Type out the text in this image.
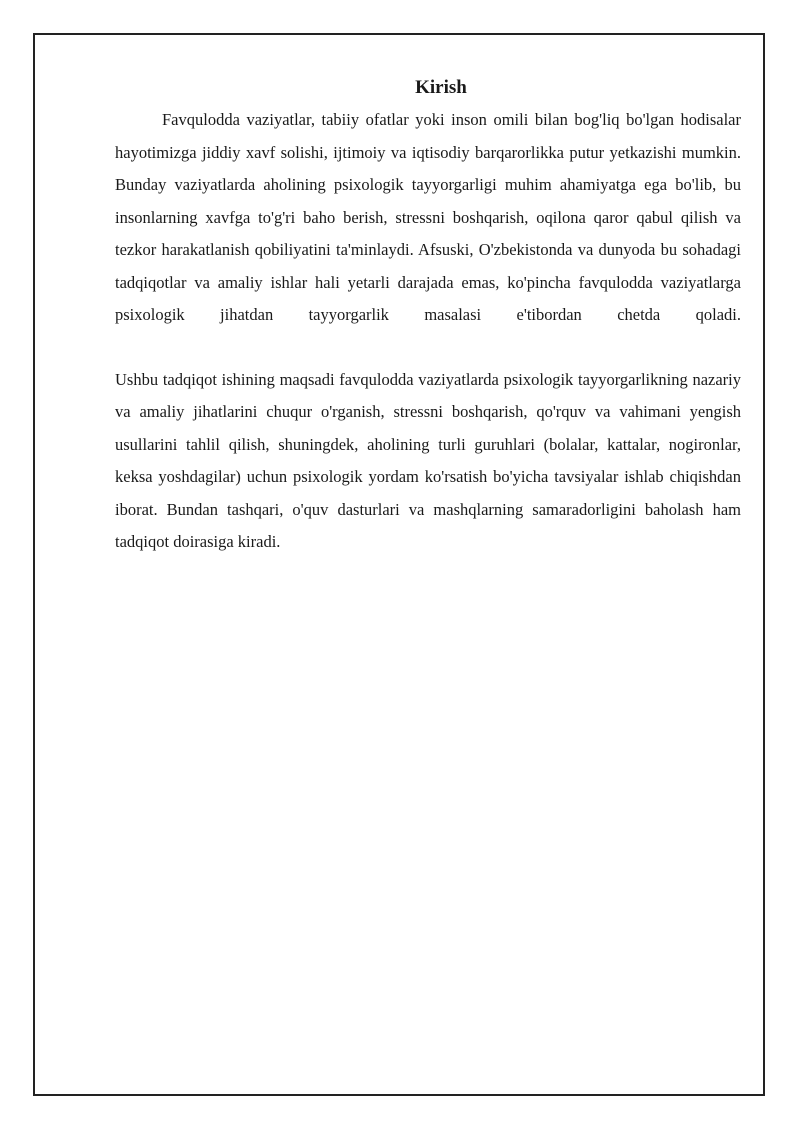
Kirish

Favqulodda vaziyatlar, tabiiy ofatlar yoki inson omili bilan bog'liq bo'lgan hodisalar hayotimizga jiddiy xavf solishi, ijtimoiy va iqtisodiy barqarorlikka putur yetkazishi mumkin. Bunday vaziyatlarda aholining psixologik tayyorgarligi muhim ahamiyatga ega bo'lib, bu insonlarning xavfga to'g'ri baho berish, stressni boshqarish, oqilona qaror qabul qilish va tezkor harakatlanish qobiliyatini ta'minlaydi. Afsuski, O'zbekistonda va dunyoda bu sohadagi tadqiqotlar va amaliy ishlar hali yetarli darajada emas, ko'pincha favqulodda vaziyatlarga psixologik jihatdan tayyorgarlik masalasi e'tibordan chetda qoladi.

Ushbu tadqiqot ishining maqsadi favqulodda vaziyatlarda psixologik tayyorgarlikning nazariy va amaliy jihatlarini chuqur o'rganish, stressni boshqarish, qo'rquv va vahimani yengish usullarini tahlil qilish, shuningdek, aholining turli guruhlari (bolalar, kattalar, nogironlar, keksa yoshdagilar) uchun psixologik yordam ko'rsatish bo'yicha tavsiyalar ishlab chiqishdan iborat. Bundan tashqari, o'quv dasturlari va mashqlarning samaradorligini baholash ham tadqiqot doirasiga kiradi.
